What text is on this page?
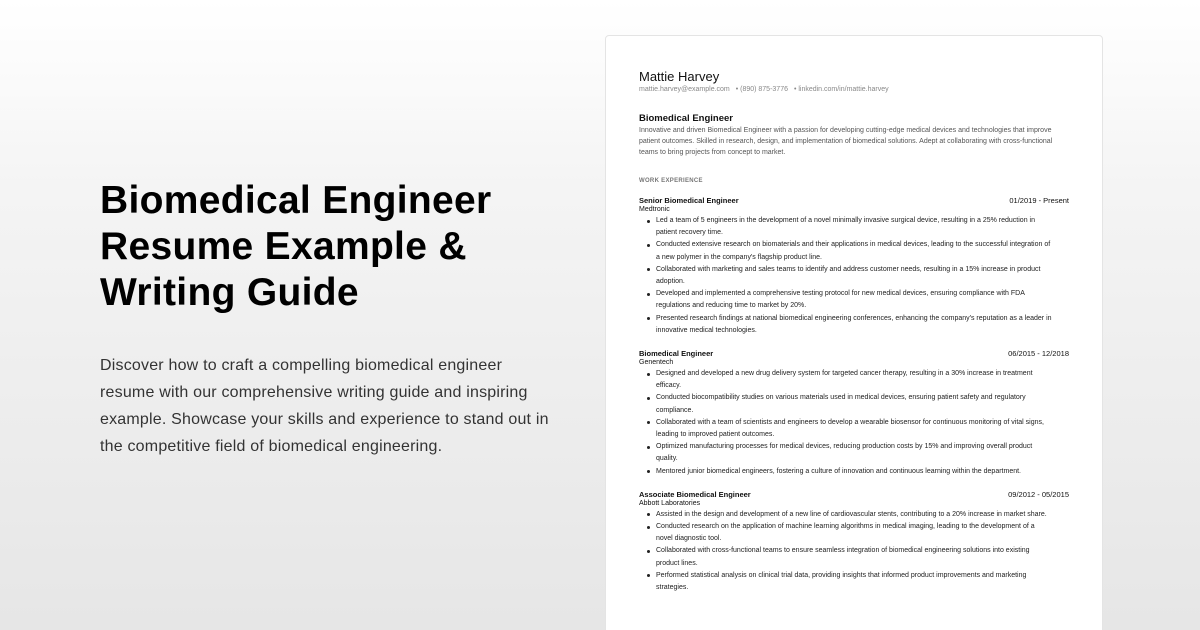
Biomedical Engineer Resume Example & Writing Guide

Discover how to craft a compelling biomedical engineer resume with our comprehensive writing guide and inspiring example. Showcase your skills and experience to stand out in the competitive field of biomedical engineering.

Mattie Harvey
mattie.harvey@example.com • (890) 875-3776 • linkedin.com/in/mattie.harvey
Biomedical Engineer
Innovative and driven Biomedical Engineer with a passion for developing cutting-edge medical devices and technologies that improve patient outcomes. Skilled in research, design, and implementation of biomedical solutions. Adept at collaborating with cross-functional teams to bring projects from concept to market.
WORK EXPERIENCE
Senior Biomedical Engineer	01/2019 - Present
Medtronic
Led a team of 5 engineers in the development of a novel minimally invasive surgical device, resulting in a 25% reduction in patient recovery time.
Conducted extensive research on biomaterials and their applications in medical devices, leading to the successful integration of a new polymer in the company's flagship product line.
Collaborated with marketing and sales teams to identify and address customer needs, resulting in a 15% increase in product adoption.
Developed and implemented a comprehensive testing protocol for new medical devices, ensuring compliance with FDA regulations and reducing time to market by 20%.
Presented research findings at national biomedical engineering conferences, enhancing the company's reputation as a leader in innovative medical technologies.
Biomedical Engineer	06/2015 - 12/2018
Genentech
Designed and developed a new drug delivery system for targeted cancer therapy, resulting in a 30% increase in treatment efficacy.
Conducted biocompatibility studies on various materials used in medical devices, ensuring patient safety and regulatory compliance.
Collaborated with a team of scientists and engineers to develop a wearable biosensor for continuous monitoring of vital signs, leading to improved patient outcomes.
Optimized manufacturing processes for medical devices, reducing production costs by 15% and improving overall product quality.
Mentored junior biomedical engineers, fostering a culture of innovation and continuous learning within the department.
Associate Biomedical Engineer	09/2012 - 05/2015
Abbott Laboratories
Assisted in the design and development of a new line of cardiovascular stents, contributing to a 20% increase in market share.
Conducted research on the application of machine learning algorithms in medical imaging, leading to the development of a novel diagnostic tool.
Collaborated with cross-functional teams to ensure seamless integration of biomedical engineering solutions into existing product lines.
Performed statistical analysis on clinical trial data, providing insights that informed product improvements and marketing strategies.
